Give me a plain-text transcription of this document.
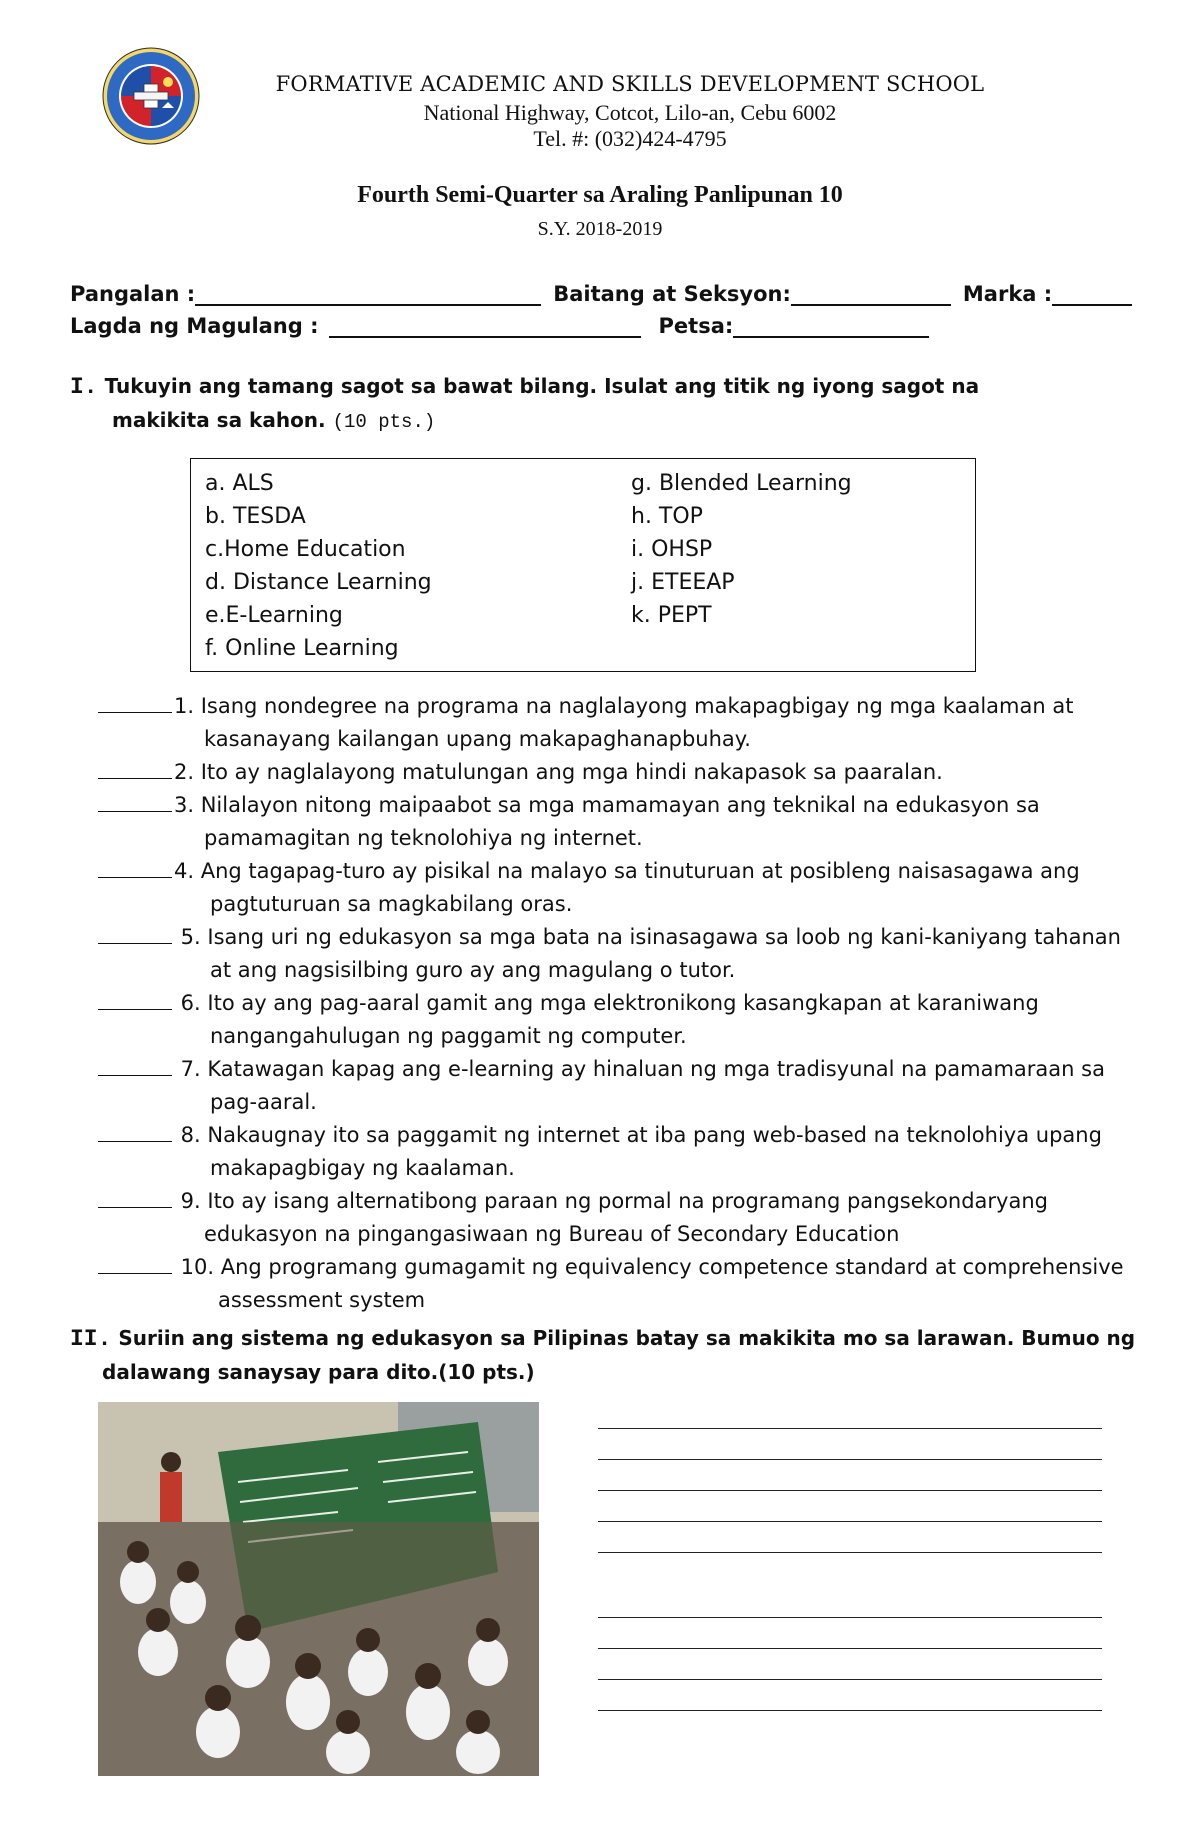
FORMATIVE ACADEMIC AND SKILLS DEVELOPMENT SCHOOL
National Highway, Cotcot, Lilo-an, Cebu 6002
Tel. #: (032)424-4795
Fourth Semi-Quarter sa Araling Panlipunan 10
S.Y. 2018-2019
Pangalan :	Baitang at Seksyon:	Marka :
Lagda ng Magulang :	Petsa:
I. Tukuyin ang tamang sagot sa bawat bilang. Isulat ang titik ng iyong sagot na
makikita sa kahon. (10 pts.)
a. ALS
b. TESDA
c.Home Education
d. Distance Learning
e.E-Learning
f. Online Learning
g. Blended Learning
h. TOP
i. OHSP
j. ETEEAP
k. PEPT
1. Isang nondegree na programa na naglalayong makapagbigay ng mga kaalaman at
kasanayang kailangan upang makapaghanapbuhay.
2. Ito ay naglalayong matulungan ang mga hindi nakapasok sa paaralan.
3. Nilalayon nitong maipaabot sa mga mamamayan ang teknikal na edukasyon sa
pamamagitan ng teknolohiya ng internet.
4. Ang tagapag-turo ay pisikal na malayo sa tinuturuan at posibleng naisasagawa ang
pagtuturuan sa magkabilang oras.
5. Isang uri ng edukasyon sa mga bata na isinasagawa sa loob ng kani-kaniyang tahanan
at ang nagsisilbing guro ay ang magulang o tutor.
6. Ito ay ang pag-aaral gamit ang mga elektronikong kasangkapan at karaniwang
nangangahulugan ng paggamit ng computer.
7. Katawagan kapag ang e-learning ay hinaluan ng mga tradisyunal na pamamaraan sa
pag-aaral.
8. Nakaugnay ito sa paggamit ng internet at iba pang web-based na teknolohiya upang
makapagbigay ng kaalaman.
9. Ito ay isang alternatibong paraan ng pormal na programang pangsekondaryang
edukasyon na pingangasiwaan ng Bureau of Secondary Education
10. Ang programang gumagamit ng equivalency competence standard at comprehensive
assessment system
II. Suriin ang sistema ng edukasyon sa Pilipinas batay sa makikita mo sa larawan. Bumuo ng
dalawang sanaysay para dito.(10 pts.)
